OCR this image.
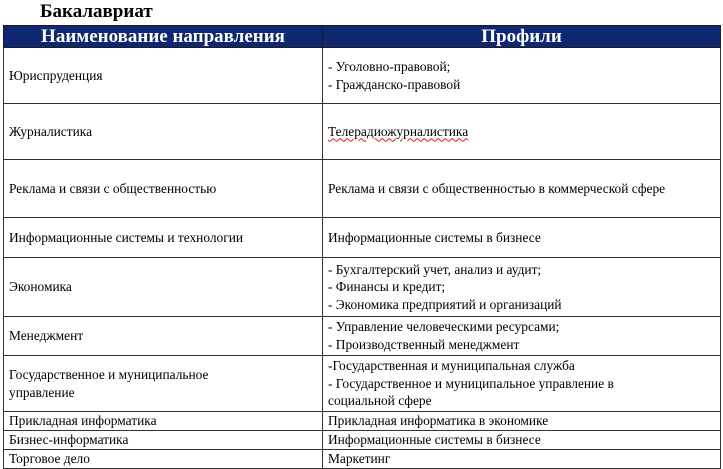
Бакалавриат
Наименование направления	Профили

Юриспруденция	- Уголовно-правовой;
- Гражданско-правовой

Журналистика	Телерадиожурналистика

Реклама и связи с общественностью	Реклама и связи с общественностью в коммерческой сфере

Информационные системы и технологии	Информационные системы в бизнесе

Экономика	- Бухгалтерский учет, анализ и аудит;
- Финансы и кредит;
- Экономика предприятий и организаций

Менеджмент	- Управление человеческими ресурсами;
- Производственный менеджмент

Государственное и муниципальное
управление	-Государственная и муниципальная служба
- Государственное и муниципальное управление в
социальной сфере

Прикладная информатика	Прикладная информатика в экономике

Бизнес-информатика	Информационные системы в бизнесе

Торговое дело	Маркетинг
